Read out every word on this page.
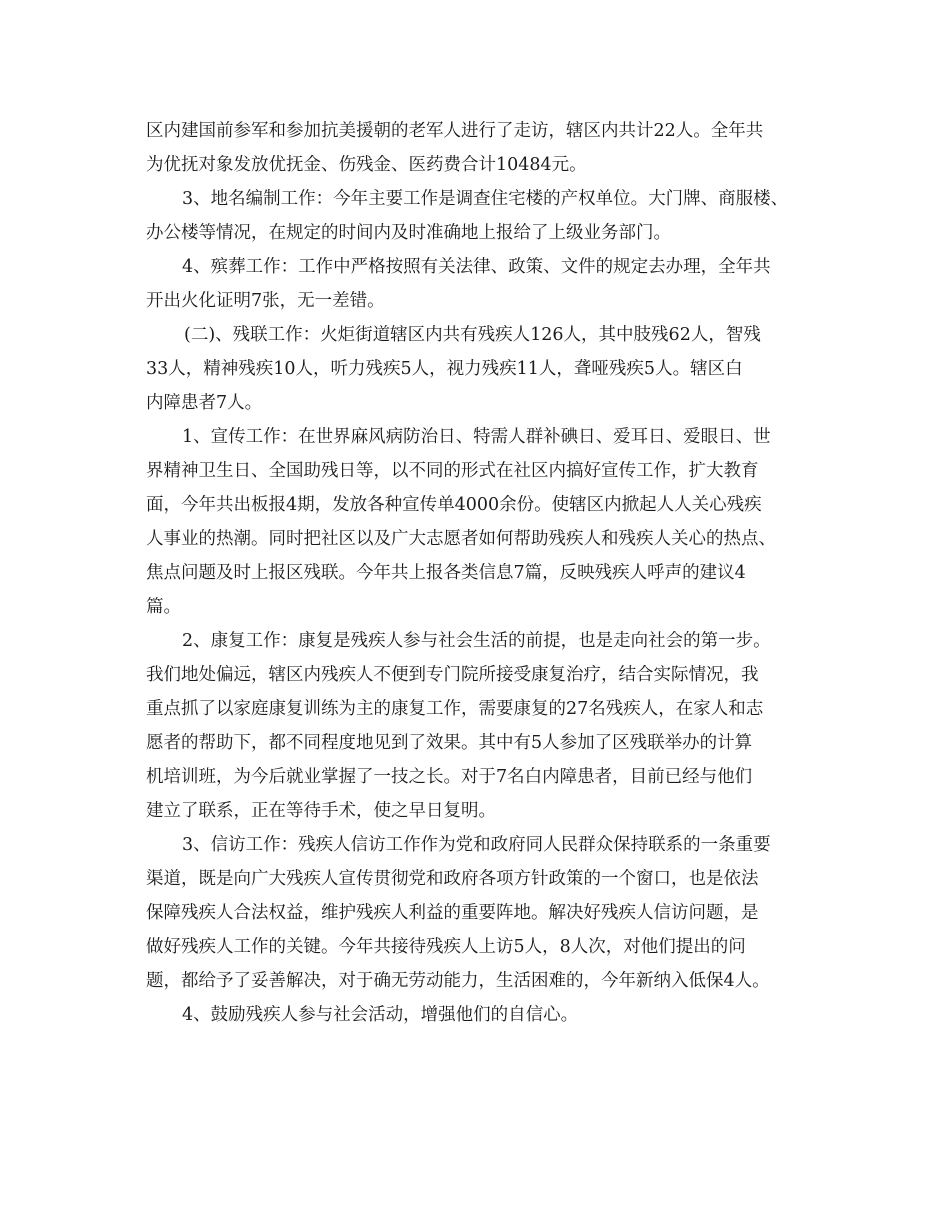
区内建国前参军和参加抗美援朝的老军人进行了走访，辖区内共计22人。全年共
为优抚对象发放优抚金、伤残金、医药费合计10484元。
3、地名编制工作：今年主要工作是调查住宅楼的产权单位。大门牌、商服楼、
办公楼等情况，在规定的时间内及时准确地上报给了上级业务部门。
4、殡葬工作：工作中严格按照有关法律、政策、文件的规定去办理，全年共
开出火化证明7张，无一差错。
(二)、残联工作：火炬街道辖区内共有残疾人126人，其中肢残62人，智残
33人，精神残疾10人，听力残疾5人，视力残疾11人，聋哑残疾5人。辖区白
内障患者7人。
1、宣传工作：在世界麻风病防治日、特需人群补碘日、爱耳日、爱眼日、世
界精神卫生日、全国助残日等，以不同的形式在社区内搞好宣传工作，扩大教育
面，今年共出板报4期，发放各种宣传单4000余份。使辖区内掀起人人关心残疾
人事业的热潮。同时把社区以及广大志愿者如何帮助残疾人和残疾人关心的热点、
焦点问题及时上报区残联。今年共上报各类信息7篇，反映残疾人呼声的建议4
篇。
2、康复工作：康复是残疾人参与社会生活的前提，也是走向社会的第一步。
我们地处偏远，辖区内残疾人不便到专门院所接受康复治疗，结合实际情况，我
重点抓了以家庭康复训练为主的康复工作，需要康复的27名残疾人，在家人和志
愿者的帮助下，都不同程度地见到了效果。其中有5人参加了区残联举办的计算
机培训班，为今后就业掌握了一技之长。对于7名白内障患者，目前已经与他们
建立了联系，正在等待手术，使之早日复明。
3、信访工作：残疾人信访工作作为党和政府同人民群众保持联系的一条重要
渠道，既是向广大残疾人宣传贯彻党和政府各项方针政策的一个窗口，也是依法
保障残疾人合法权益，维护残疾人利益的重要阵地。解决好残疾人信访问题，是
做好残疾人工作的关键。今年共接待残疾人上访5人，8人次，对他们提出的问
题，都给予了妥善解决，对于确无劳动能力，生活困难的，今年新纳入低保4人。
4、鼓励残疾人参与社会活动，增强他们的自信心。
